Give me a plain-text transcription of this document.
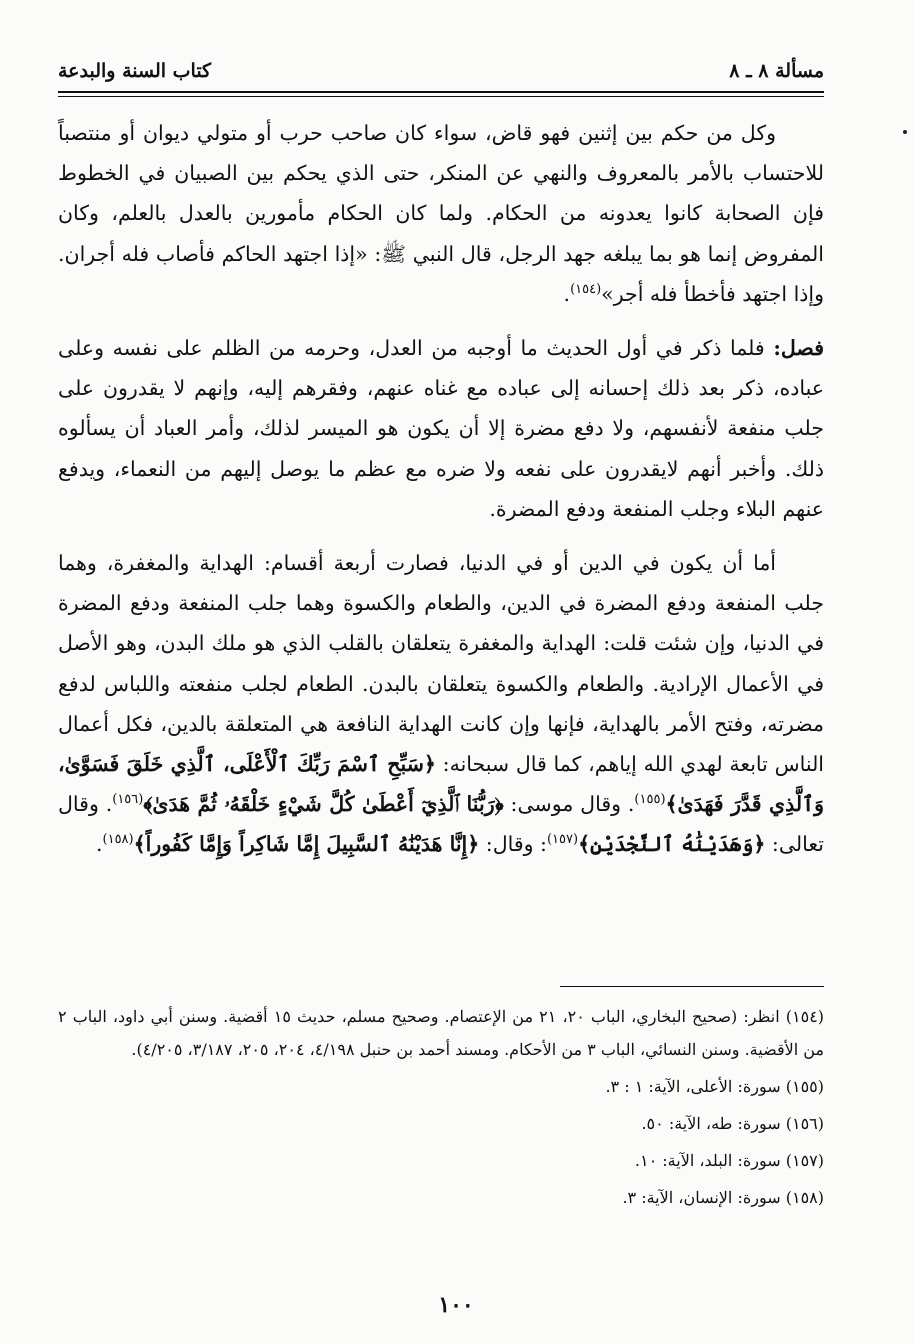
مسألة ٨ ـ ٨
كتاب السنة والبدعة

وكل من حكم بين إثنين فهو قاض، سواء كان صاحب حرب أو متولي ديوان أو منتصباً للاحتساب بالأمر بالمعروف والنهي عن المنكر، حتى الذي يحكم بين الصبيان في الخطوط فإن الصحابة كانوا يعدونه من الحكام. ولما كان الحكام مأمورين بالعدل بالعلم، وكان المفروض إنما هو بما يبلغه جهد الرجل، قال النبي ﷺ: «إذا اجتهد الحاكم فأصاب فله أجران. وإذا اجتهد فأخطأ فله أجر»$^{(١٥٤)}$.

فصل: فلما ذكر في أول الحديث ما أوجبه من العدل، وحرمه من الظلم على نفسه وعلى عباده، ذكر بعد ذلك إحسانه إلى عباده مع غناه عنهم، وفقرهم إليه، وإنهم لا يقدرون على جلب منفعة لأنفسهم، ولا دفع مضرة إلا أن يكون هو الميسر لذلك، وأمر العباد أن يسألوه ذلك. وأخبر أنهم لايقدرون على نفعه ولا ضره مع عظم ما يوصل إليهم من النعماء، ويدفع عنهم البلاء وجلب المنفعة ودفع المضرة.

أما أن يكون في الدين أو في الدنيا، فصارت أربعة أقسام: الهداية والمغفرة، وهما جلب المنفعة ودفع المضرة في الدين، والطعام والكسوة وهما جلب المنفعة ودفع المضرة في الدنيا، وإن شئت قلت: الهداية والمغفرة يتعلقان بالقلب الذي هو ملك البدن، وهو الأصل في الأعمال الإرادية. والطعام والكسوة يتعلقان بالبدن. الطعام لجلب منفعته واللباس لدفع مضرته، وفتح الأمر بالهداية، فإنها وإن كانت الهداية النافعة هي المتعلقة بالدين، فكل أعمال الناس تابعة لهدي الله إياهم، كما قال سبحانه: ﴿سَبِّحِ ٱسْمَ رَبِّكَ ٱلْأَعْلَى، ٱلَّذِي خَلَقَ فَسَوَّىٰ، وَٱلَّذِي قَدَّرَ فَهَدَىٰ﴾$^{(١٥٥)}$. وقال موسى: ﴿رَبُّنَا ٱلَّذِيٓ أَعْطَىٰ كُلَّ شَيْءٍ خَلْقَهُۥ ثُمَّ هَدَىٰ﴾$^{(١٥٦)}$. وقال تعالى: ﴿وَهَدَيْنَٰهُ ٱلنَّجْدَيْنِ﴾$^{(١٥٧)}$: وقال: ﴿إِنَّا هَدَيْنَٰهُ ٱلسَّبِيلَ إِمَّا شَاكِراً وَإِمَّا كَفُوراً﴾$^{(١٥٨)}$.

(١٥٤) انظر: (صحيح البخاري، الباب ٢٠، ٢١ من الإعتصام. وصحيح مسلم، حديث ١٥ أقضية. وسنن أبي داود، الباب ٢ من الأقضية. وسنن النسائي، الباب ٣ من الأحكام. ومسند أحمد بن حنبل ٤/١٩٨، ٢٠٤، ٢٠٥، ٣/١٨٧، ٤/٢٠٥).

(١٥٥) سورة: الأعلى، الآية: ١ : ٣.

(١٥٦) سورة: طه، الآية: ٥٠.

(١٥٧) سورة: البلد، الآية: ١٠.

(١٥٨) سورة: الإنسان، الآية: ٣.

١٠٠
